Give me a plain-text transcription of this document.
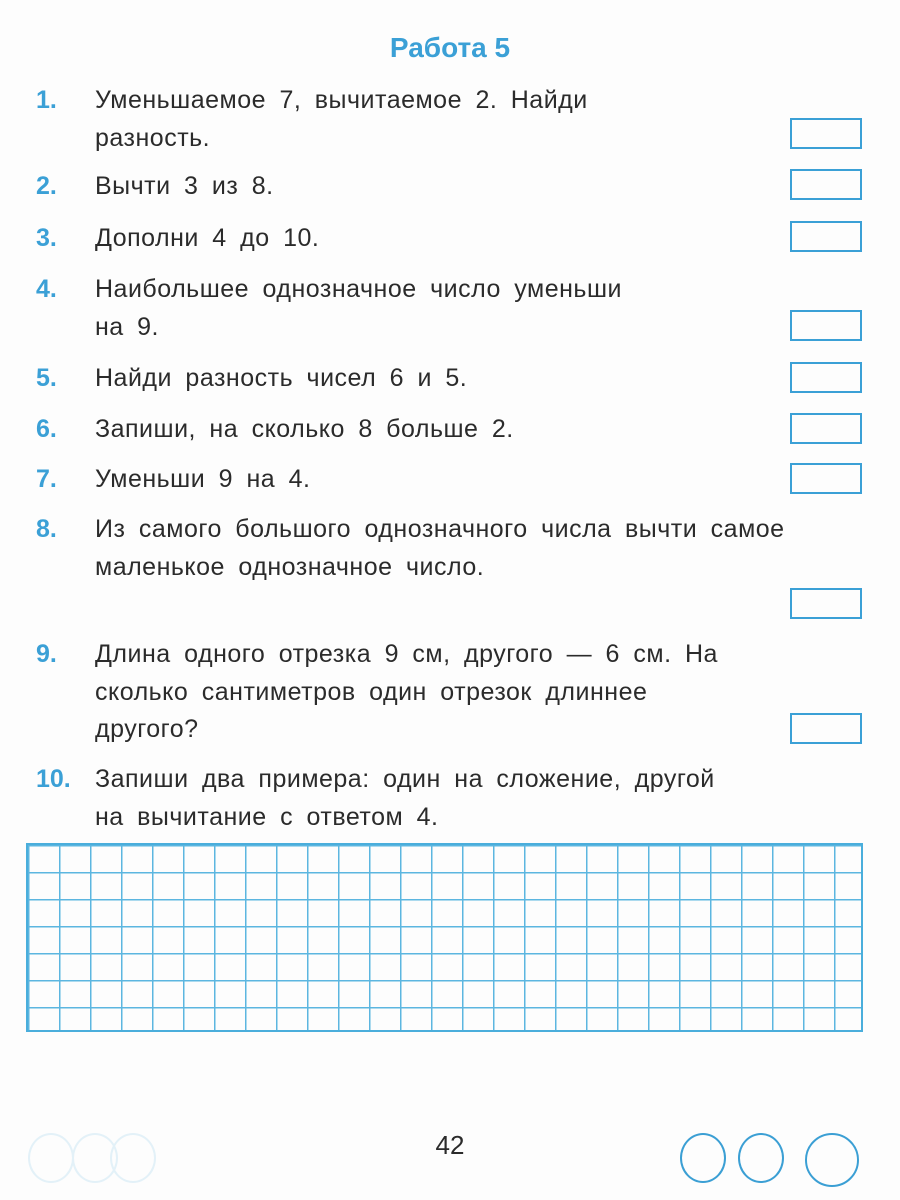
Работа 5
1. Уменьшаемое 7, вычитаемое 2. Найди разность.
2. Вычти 3 из 8.
3. Дополни 4 до 10.
4. Наибольшее однозначное число уменьши на 9.
5. Найди разность чисел 6 и 5.
6. Запиши, на сколько 8 больше 2.
7. Уменьши 9 на 4.
8. Из самого большого однозначного числа вычти самое маленькое однозначное число.
9. Длина одного отрезка 9 см, другого — 6 см. На сколько сантиметров один отрезок длиннее другого?
10. Запиши два примера: один на сложение, другой на вычитание с ответом 4.
42
